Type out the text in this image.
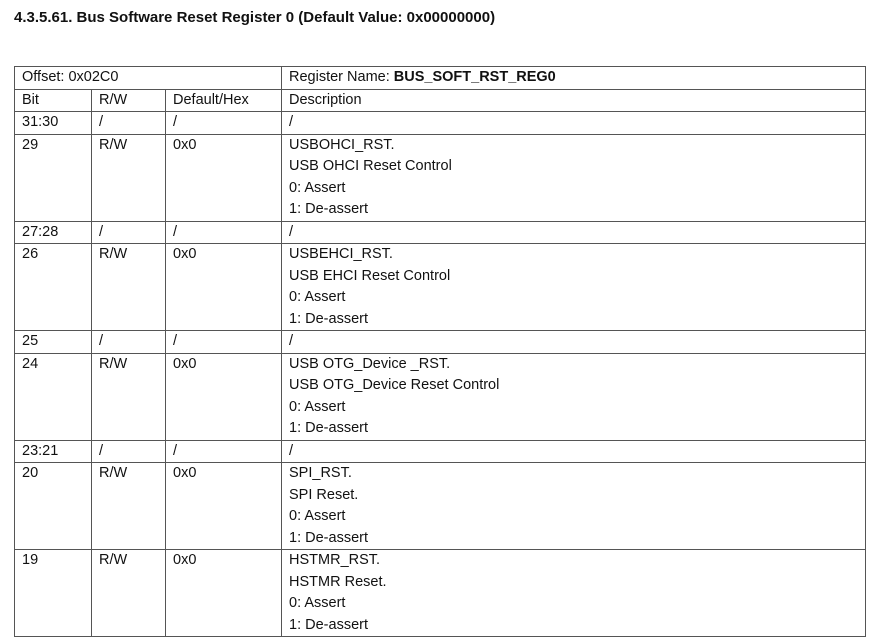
4.3.5.61. Bus Software Reset Register 0 (Default Value: 0x00000000)
Offset: 0x02C0			Register Name: BUS_SOFT_RST_REG0
Bit	R/W	Default/Hex	Description
31:30	/	/	/

29	R/W	0x0	USBOHCI_RST.
USB OHCI Reset Control
0: Assert
1: De-assert

27:28	/	/	/

26	R/W	0x0	USBEHCI_RST.
USB EHCI Reset Control
0: Assert
1: De-assert

25	/	/	/

24	R/W	0x0	USB OTG_Device _RST.
USB OTG_Device Reset Control
0: Assert
1: De-assert

23:21	/	/	/

20	R/W	0x0	SPI_RST.
SPI Reset.
0: Assert
1: De-assert

19	R/W	0x0	HSTMR_RST.
HSTMR Reset.
0: Assert
1: De-assert
